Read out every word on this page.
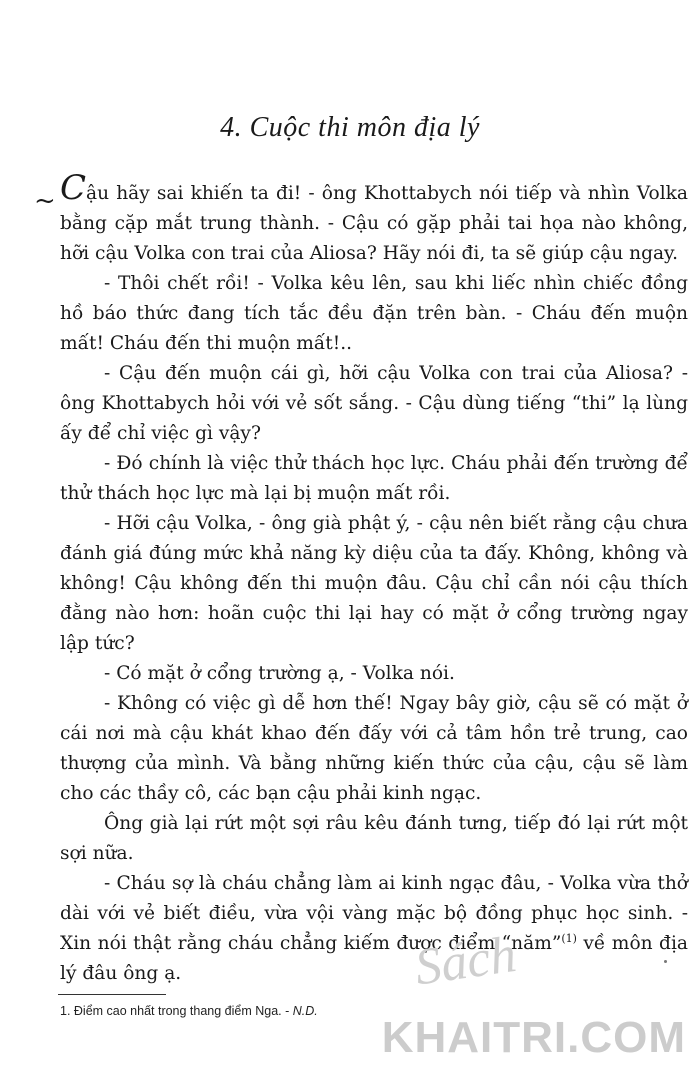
4. Cuộc thi môn địa lý
~ Cậu hãy sai khiến ta đi! - ông Khottabych nói tiếp và nhìn Volka bằng cặp mắt trung thành. - Cậu có gặp phải tai họa nào không, hỡi cậu Volka con trai của Aliosa? Hãy nói đi, ta sẽ giúp cậu ngay.

- Thôi chết rồi! - Volka kêu lên, sau khi liếc nhìn chiếc đồng hồ báo thức đang tích tắc đều đặn trên bàn. - Cháu đến muộn mất! Cháu đến thi muộn mất!..

- Cậu đến muộn cái gì, hỡi cậu Volka con trai của Aliosa? - ông Khottabych hỏi với vẻ sốt sắng. - Cậu dùng tiếng “thi” lạ lùng ấy để chỉ việc gì vậy?

- Đó chính là việc thử thách học lực. Cháu phải đến trường để thử thách học lực mà lại bị muộn mất rồi.

- Hỡi cậu Volka, - ông già phật ý, - cậu nên biết rằng cậu chưa đánh giá đúng mức khả năng kỳ diệu của ta đấy. Không, không và không! Cậu không đến thi muộn đâu. Cậu chỉ cần nói cậu thích đằng nào hơn: hoãn cuộc thi lại hay có mặt ở cổng trường ngay lập tức?

- Có mặt ở cổng trường ạ, - Volka nói.

- Không có việc gì dễ hơn thế! Ngay bây giờ, cậu sẽ có mặt ở cái nơi mà cậu khát khao đến đấy với cả tâm hồn trẻ trung, cao thượng của mình. Và bằng những kiến thức của cậu, cậu sẽ làm cho các thầy cô, các bạn cậu phải kinh ngạc.

Ông già lại rứt một sợi râu kêu đánh tưng, tiếp đó lại rứt một sợi nữa.

- Cháu sợ là cháu chẳng làm ai kinh ngạc đâu, - Volka vừa thở dài với vẻ biết điều, vừa vội vàng mặc bộ đồng phục học sinh. - Xin nói thật rằng cháu chẳng kiếm được điểm “năm”$^{(1)}$ về môn địa lý đâu ông ạ.

1. Điểm cao nhất trong thang điểm Nga. - N.D.
Sách
KHAITRI.COM
